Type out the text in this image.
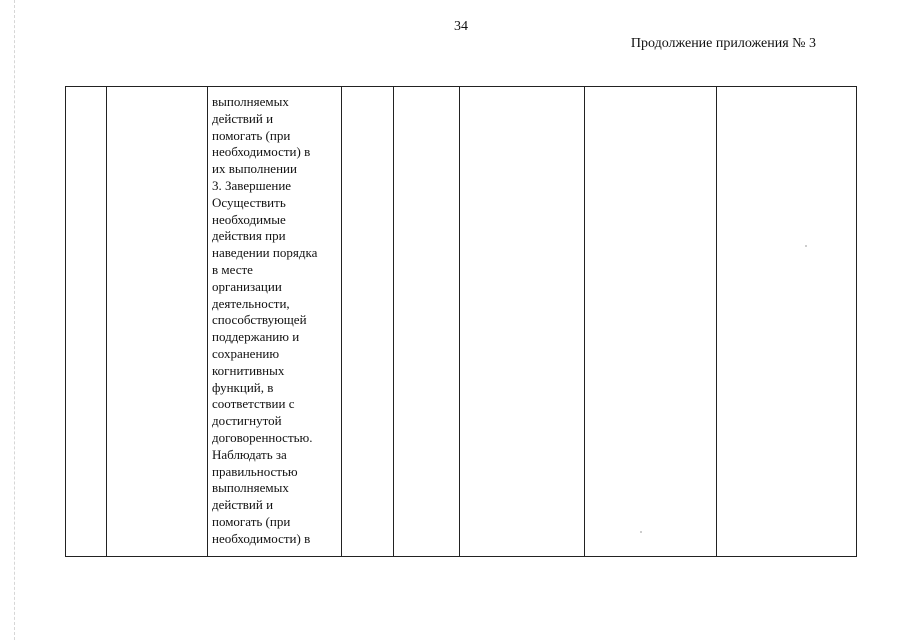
34
Продолжение приложения № 3
выполняемых
действий и
помогать (при
необходимости) в
их выполнении
3. Завершение
Осуществить
необходимые
действия при
наведении порядка
в месте
организации
деятельности,
способствующей
поддержанию и
сохранению
когнитивных
функций, в
соответствии с
достигнутой
договоренностью.
Наблюдать за
правильностью
выполняемых
действий и
помогать (при
необходимости) в
